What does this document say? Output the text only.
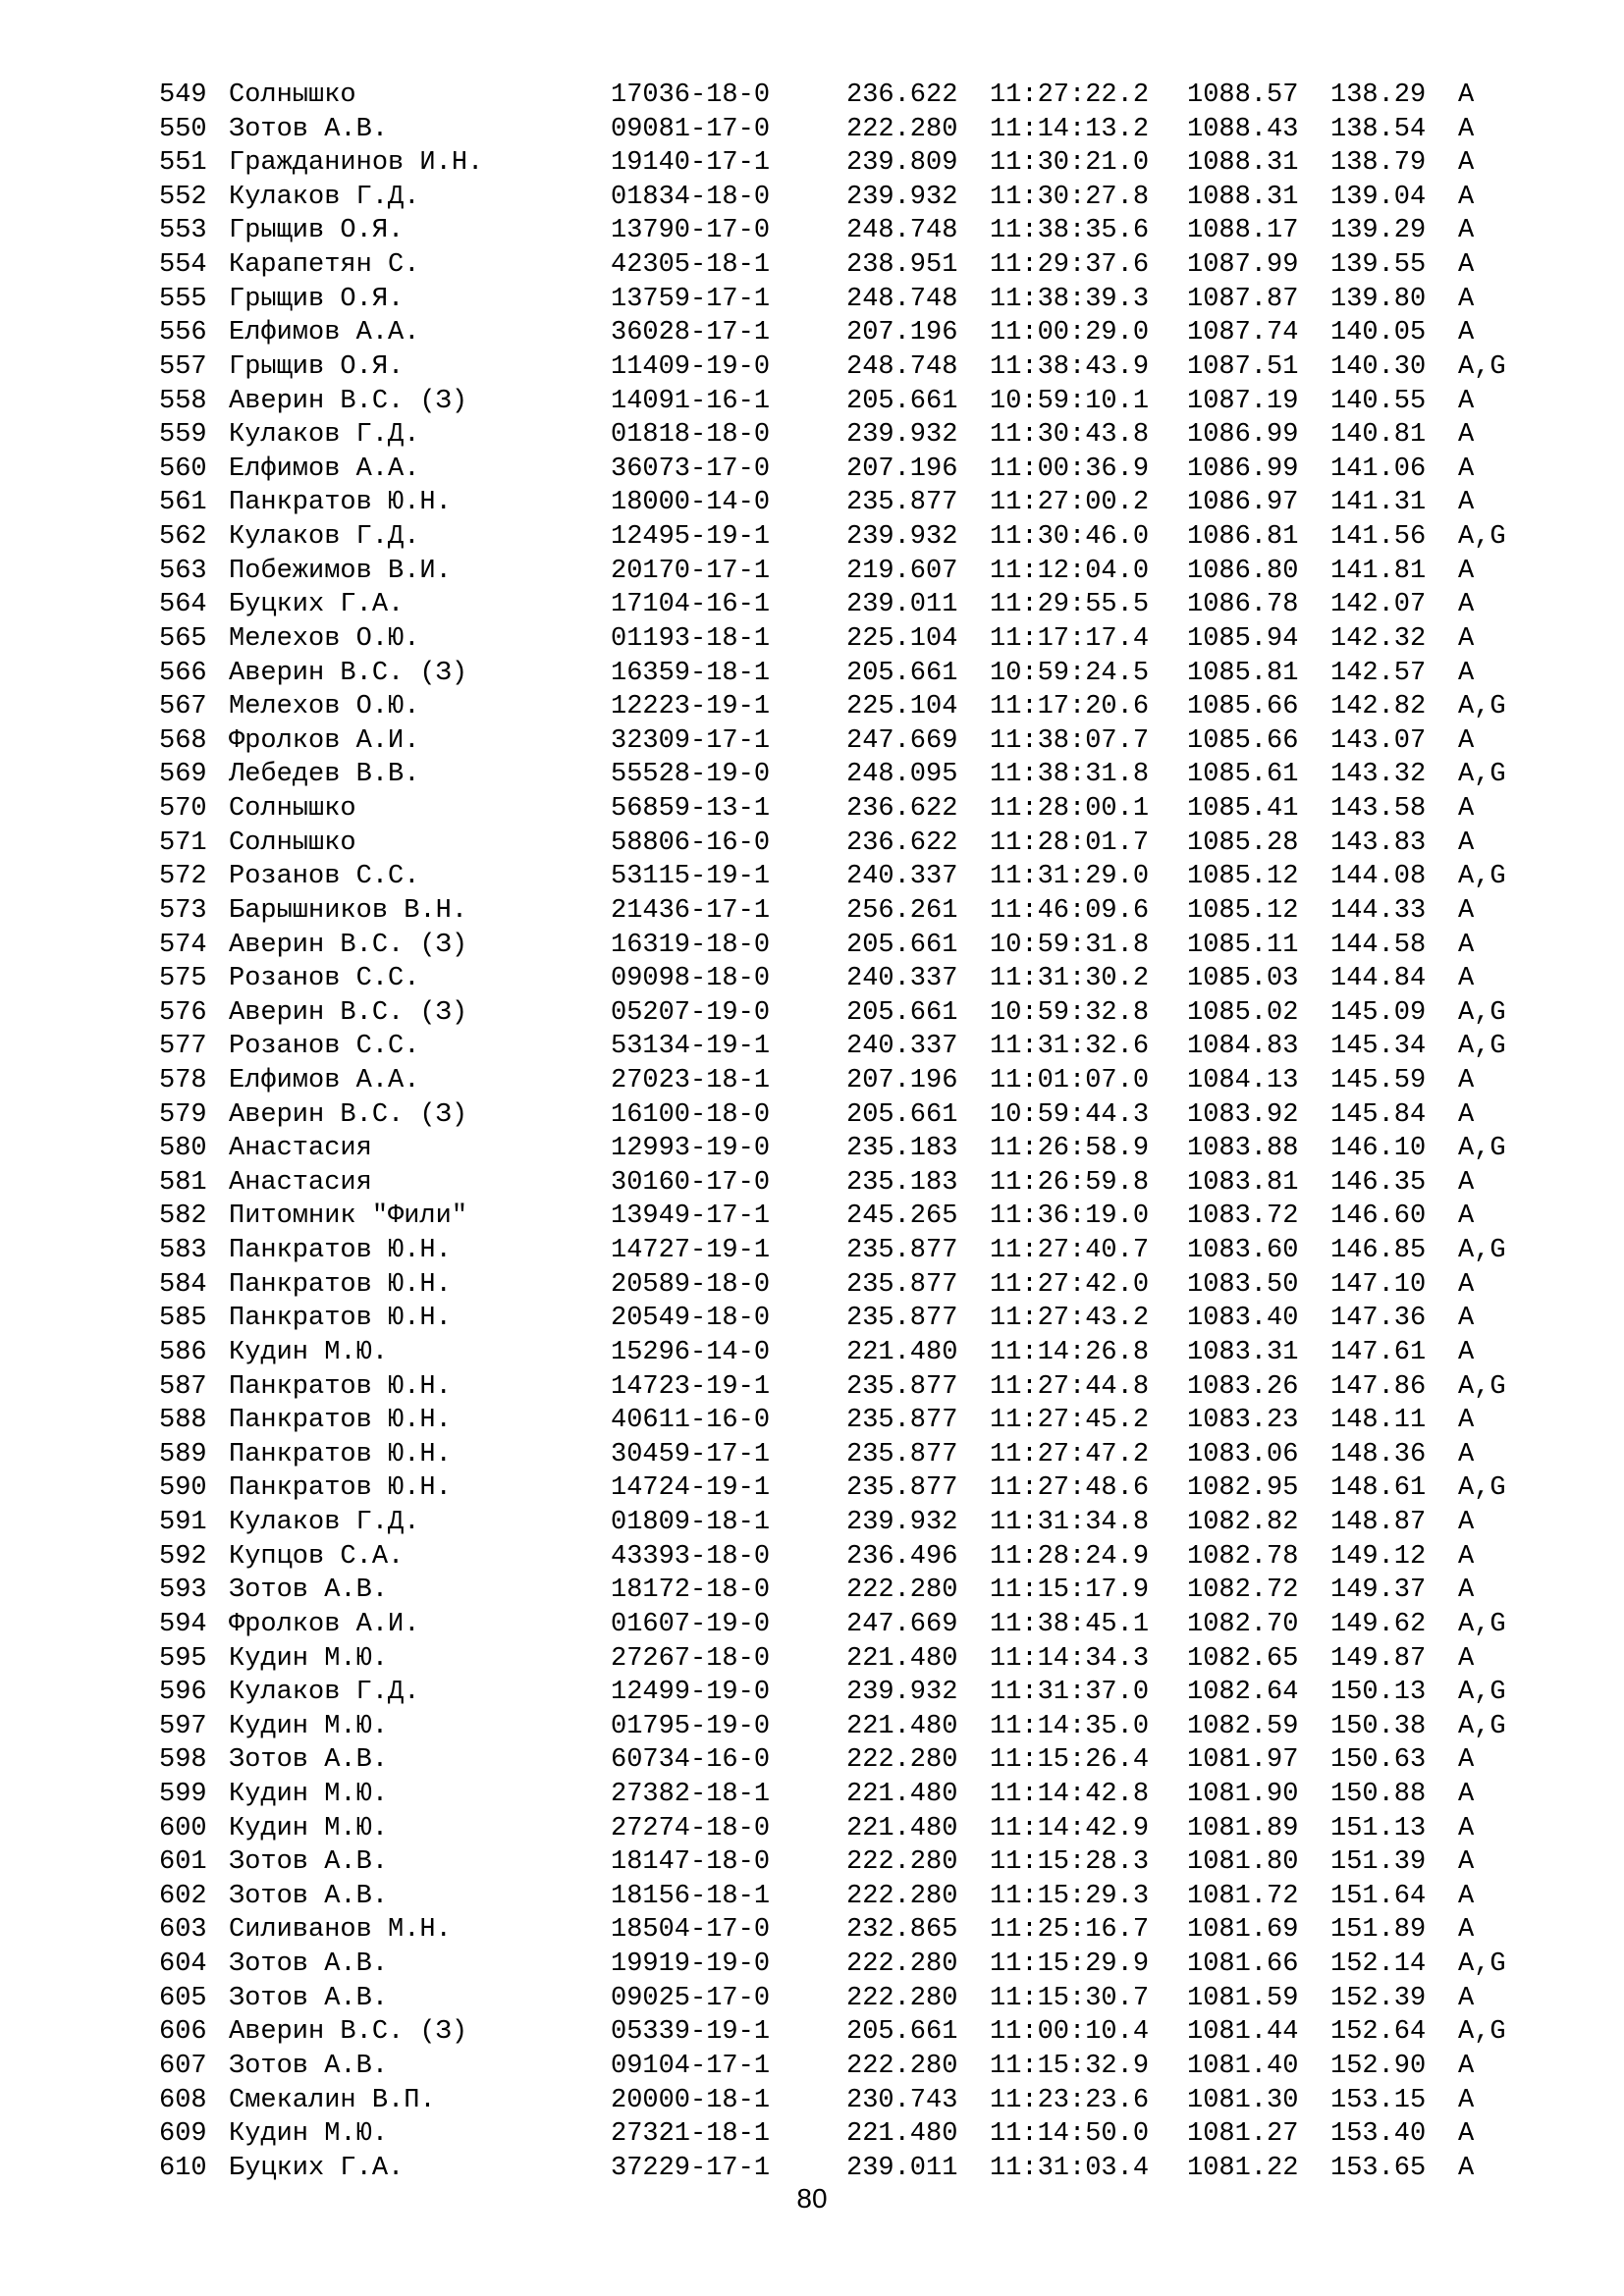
549 Солнышко	17036-18-0	236.622 11:27:22.2 1088.57 138.29 A
550 Зотов А.В.	09081-17-0	222.280 11:14:13.2 1088.43 138.54 A
551 Гражданинов И.Н.	19140-17-1	239.809 11:30:21.0 1088.31 138.79 A
552 Кулаков Г.Д.	01834-18-0	239.932 11:30:27.8 1088.31 139.04 A
553 Грыщив О.Я.	13790-17-0	248.748 11:38:35.6 1088.17 139.29 A
554 Карапетян С.	42305-18-1	238.951 11:29:37.6 1087.99 139.55 A
555 Грыщив О.Я.	13759-17-1	248.748 11:38:39.3 1087.87 139.80 A
556 Елфимов А.А.	36028-17-1	207.196 11:00:29.0 1087.74 140.05 A
557 Грыщив О.Я.	11409-19-0	248.748 11:38:43.9 1087.51 140.30 A,G
558 Аверин В.С. (З)	14091-16-1	205.661 10:59:10.1 1087.19 140.55 A
559 Кулаков Г.Д.	01818-18-0	239.932 11:30:43.8 1086.99 140.81 A
560 Елфимов А.А.	36073-17-0	207.196 11:00:36.9 1086.99 141.06 A
561 Панкратов Ю.Н.	18000-14-0	235.877 11:27:00.2 1086.97 141.31 A
562 Кулаков Г.Д.	12495-19-1	239.932 11:30:46.0 1086.81 141.56 A,G
563 Побежимов В.И.	20170-17-1	219.607 11:12:04.0 1086.80 141.81 A
564 Буцких Г.А.	17104-16-1	239.011 11:29:55.5 1086.78 142.07 A
565 Мелехов О.Ю.	01193-18-1	225.104 11:17:17.4 1085.94 142.32 A
566 Аверин В.С. (З)	16359-18-1	205.661 10:59:24.5 1085.81 142.57 A
567 Мелехов О.Ю.	12223-19-1	225.104 11:17:20.6 1085.66 142.82 A,G
568 Фролков А.И.	32309-17-1	247.669 11:38:07.7 1085.66 143.07 A
569 Лебедев В.В.	55528-19-0	248.095 11:38:31.8 1085.61 143.32 A,G
570 Солнышко	56859-13-1	236.622 11:28:00.1 1085.41 143.58 A
571 Солнышко	58806-16-0	236.622 11:28:01.7 1085.28 143.83 A
572 Розанов С.С.	53115-19-1	240.337 11:31:29.0 1085.12 144.08 A,G
573 Барышников В.Н.	21436-17-1	256.261 11:46:09.6 1085.12 144.33 A
574 Аверин В.С. (З)	16319-18-0	205.661 10:59:31.8 1085.11 144.58 A
575 Розанов С.С.	09098-18-0	240.337 11:31:30.2 1085.03 144.84 A
576 Аверин В.С. (З)	05207-19-0	205.661 10:59:32.8 1085.02 145.09 A,G
577 Розанов С.С.	53134-19-1	240.337 11:31:32.6 1084.83 145.34 A,G
578 Елфимов А.А.	27023-18-1	207.196 11:01:07.0 1084.13 145.59 A
579 Аверин В.С. (З)	16100-18-0	205.661 10:59:44.3 1083.92 145.84 A
580 Анастасия	12993-19-0	235.183 11:26:58.9 1083.88 146.10 A,G
581 Анастасия	30160-17-0	235.183 11:26:59.8 1083.81 146.35 A
582 Питомник "Фили"	13949-17-1	245.265 11:36:19.0 1083.72 146.60 A
583 Панкратов Ю.Н.	14727-19-1	235.877 11:27:40.7 1083.60 146.85 A,G
584 Панкратов Ю.Н.	20589-18-0	235.877 11:27:42.0 1083.50 147.10 A
585 Панкратов Ю.Н.	20549-18-0	235.877 11:27:43.2 1083.40 147.36 A
586 Кудин М.Ю.	15296-14-0	221.480 11:14:26.8 1083.31 147.61 A
587 Панкратов Ю.Н.	14723-19-1	235.877 11:27:44.8 1083.26 147.86 A,G
588 Панкратов Ю.Н.	40611-16-0	235.877 11:27:45.2 1083.23 148.11 A
589 Панкратов Ю.Н.	30459-17-1	235.877 11:27:47.2 1083.06 148.36 A
590 Панкратов Ю.Н.	14724-19-1	235.877 11:27:48.6 1082.95 148.61 A,G
591 Кулаков Г.Д.	01809-18-1	239.932 11:31:34.8 1082.82 148.87 A
592 Купцов С.А.	43393-18-0	236.496 11:28:24.9 1082.78 149.12 A
593 Зотов А.В.	18172-18-0	222.280 11:15:17.9 1082.72 149.37 A
594 Фролков А.И.	01607-19-0	247.669 11:38:45.1 1082.70 149.62 A,G
595 Кудин М.Ю.	27267-18-0	221.480 11:14:34.3 1082.65 149.87 A
596 Кулаков Г.Д.	12499-19-0	239.932 11:31:37.0 1082.64 150.13 A,G
597 Кудин М.Ю.	01795-19-0	221.480 11:14:35.0 1082.59 150.38 A,G
598 Зотов А.В.	60734-16-0	222.280 11:15:26.4 1081.97 150.63 A
599 Кудин М.Ю.	27382-18-1	221.480 11:14:42.8 1081.90 150.88 A
600 Кудин М.Ю.	27274-18-0	221.480 11:14:42.9 1081.89 151.13 A
601 Зотов А.В.	18147-18-0	222.280 11:15:28.3 1081.80 151.39 A
602 Зотов А.В.	18156-18-1	222.280 11:15:29.3 1081.72 151.64 A
603 Силиванов М.Н.	18504-17-0	232.865 11:25:16.7 1081.69 151.89 A
604 Зотов А.В.	19919-19-0	222.280 11:15:29.9 1081.66 152.14 A,G
605 Зотов А.В.	09025-17-0	222.280 11:15:30.7 1081.59 152.39 A
606 Аверин В.С. (З)	05339-19-1	205.661 11:00:10.4 1081.44 152.64 A,G
607 Зотов А.В.	09104-17-1	222.280 11:15:32.9 1081.40 152.90 A
608 Смекалин В.П.	20000-18-1	230.743 11:23:23.6 1081.30 153.15 A
609 Кудин М.Ю.	27321-18-1	221.480 11:14:50.0 1081.27 153.40 A
610 Буцких Г.А.	37229-17-1	239.011 11:31:03.4 1081.22 153.65 A
80
